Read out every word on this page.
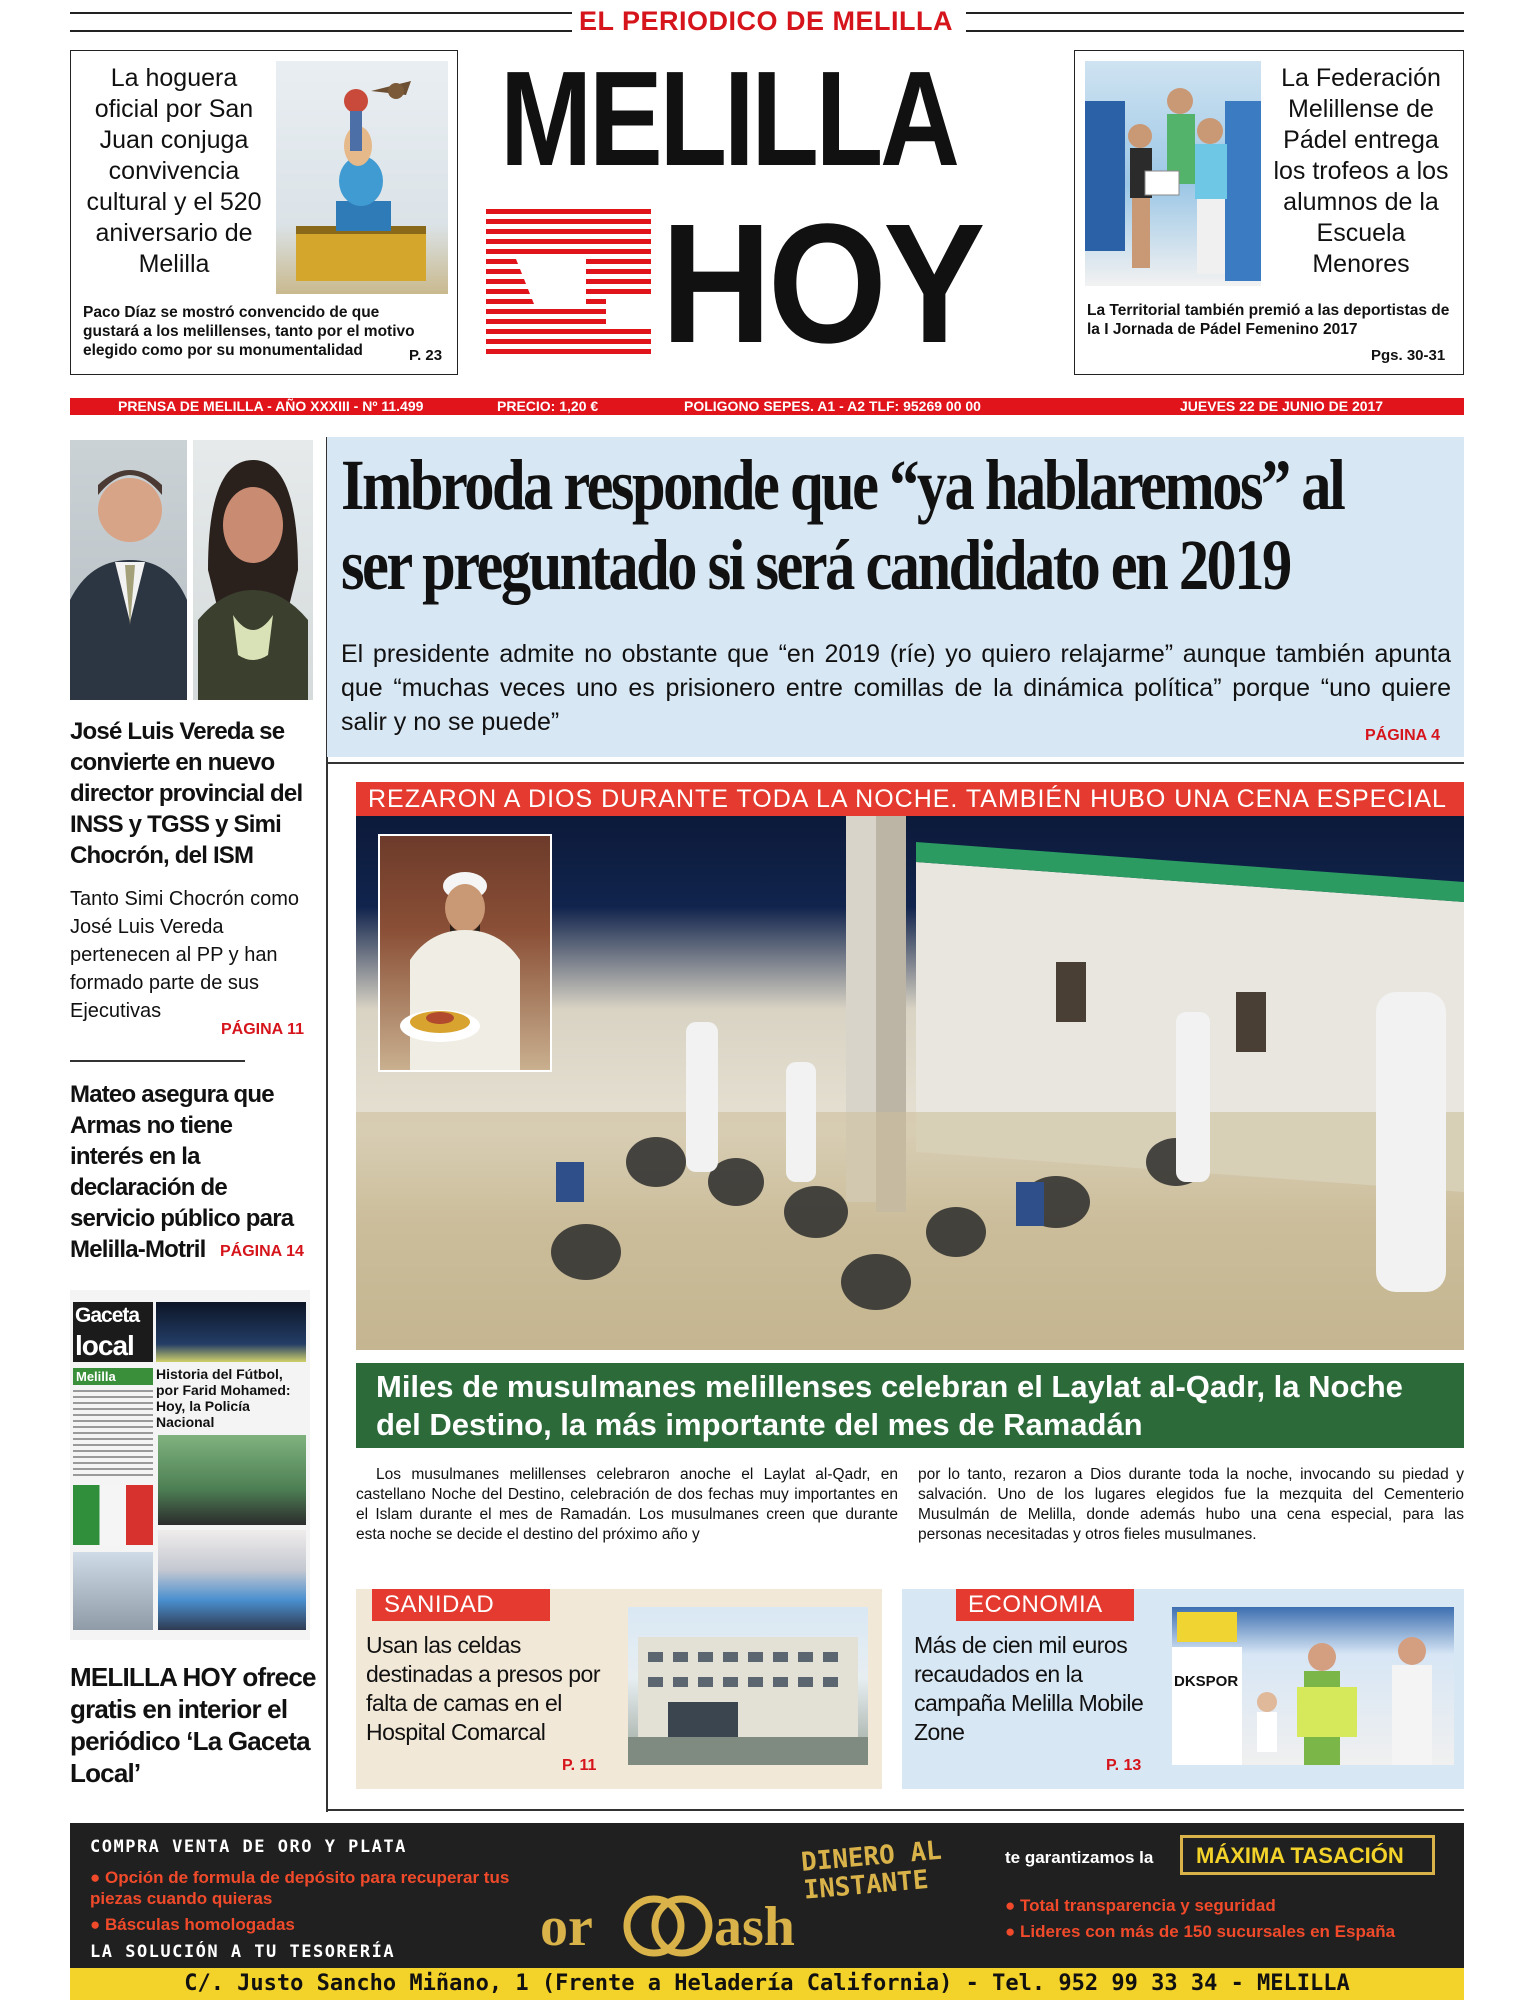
EL PERIODICO DE MELILLA
La hoguera oficial por San Juan conjuga convivencia cultural y el 520 aniversario de Melilla
Paco Díaz se mostró convencido de que gustará a los melillenses, tanto por el motivo elegido como por su monumentalidad	P. 23
MELILLA
HOY
La Federación Melillense de Pádel entrega los trofeos a los alumnos de la Escuela Menores
La Territorial también premió a las deportistas de la I Jornada de Pádel Femenino 2017
Pgs. 30-31
PRENSA DE MELILLA - AÑO XXXIII - Nº 11.499	PRECIO: 1,20 €	POLIGONO SEPES. A1 - A2 TLF: 95269 00 00	JUEVES 22 DE JUNIO DE 2017
Imbroda responde que “ya hablaremos” al
ser preguntado si será candidato en 2019
El presidente admite no obstante que “en 2019 (ríe) yo quiero relajarme” aunque también apunta que “muchas veces uno es prisionero entre comillas de la dinámica política” porque “uno quiere salir y no se puede”	PÁGINA 4
José Luis Vereda se convierte en nuevo director provincial del INSS y TGSS y Simi Chocrón, del ISM
Tanto Simi Chocrón como José Luis Vereda pertenecen al PP y han formado parte de sus Ejecutivas
PÁGINA 11
Mateo asegura que Armas no tiene interés en la declaración de servicio público para Melilla-Motril PÁGINA 14
Gaceta
local
Melilla	Historia del Fútbol, por Farid Mohamed: Hoy, la Policía Nacional
MELILLA HOY ofrece gratis en interior el periódico ‘La Gaceta Local’
REZARON A DIOS DURANTE TODA LA NOCHE. TAMBIÉN HUBO UNA CENA ESPECIAL
Miles de musulmanes melillenses celebran el Laylat al-Qadr, la Noche del Destino, la más importante del mes de Ramadán
Los musulmanes melillenses celebraron anoche el Laylat al-Qadr, en castellano Noche del Destino, celebración de dos fechas muy importantes en el Islam durante el mes de Ramadán. Los musulmanes creen que durante esta noche se decide el destino del próximo año y
por lo tanto, rezaron a Dios durante toda la noche, invocando su piedad y salvación. Uno de los lugares elegidos fue la mezquita del Cementerio Musulmán de Melilla, donde además hubo una cena especial, para las personas necesitadas y otros fieles musulmanes.
SANIDAD
Usan las celdas destinadas a presos por falta de camas en el Hospital Comarcal
P. 11
ECONOMIA
Más de cien mil euros recaudados en la campaña Melilla Mobile Zone
DKSPOR
P. 13
COMPRA VENTA DE ORO Y PLATA
● Opción de formula de depósito para recuperar tus piezas cuando quieras
● Básculas homologadas
LA SOLUCIÓN A TU TESORERÍA
DINERO AL INSTANTE
or ash
te garantizamos la MÁXIMA TASACIÓN
● Total transparencia y seguridad
● Lideres con más de 150 sucursales en España
C/. Justo Sancho Miñano, 1 (Frente a Heladería California) - Tel. 952 99 33 34 - MELILLA
